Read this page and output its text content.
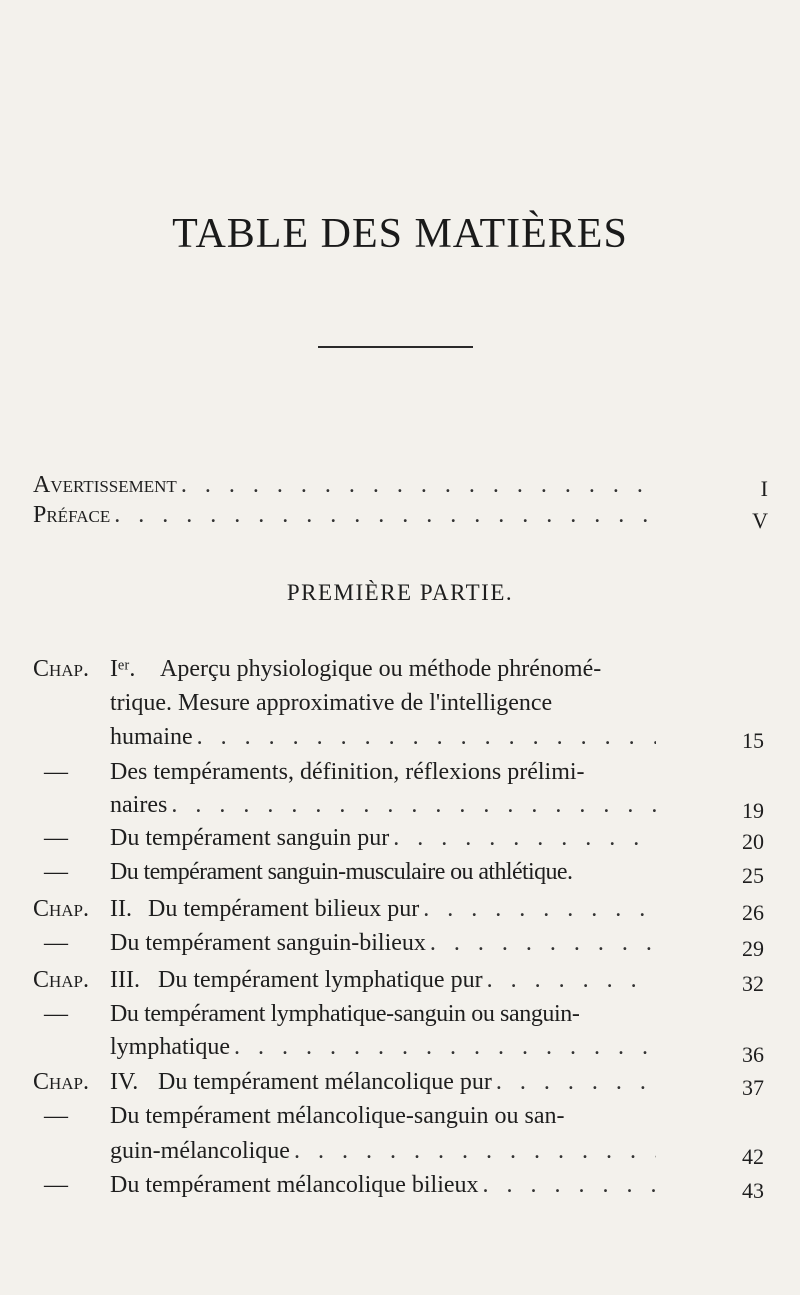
TABLE DES MATIÈRES
Avertissement . . .	I
Préface . . .	V
PREMIÈRE PARTIE.
Chap. Iᵉʳ. Aperçu physiologique ou méthode phrénomé-
trique. Mesure approximative de l'intelligence
humaine . . .	15
— Des tempéraments, définition, réflexions prélimi-
naires . . .	19
— Du tempérament sanguin pur . . .	20
— Du tempérament sanguin-musculaire ou athlétique.	25
Chap. II. Du tempérament bilieux pur . . .	26
— Du tempérament sanguin-bilieux . . .	29
Chap. III. Du tempérament lymphatique pur . . .	32
— Du tempérament lymphatique-sanguin ou sanguin-
lymphatique . . .	36
Chap. IV. Du tempérament mélancolique pur . . .	37
— Du tempérament mélancolique-sanguin ou san-
guin-mélancolique . . .	42
— Du tempérament mélancolique bilieux . . .	43
